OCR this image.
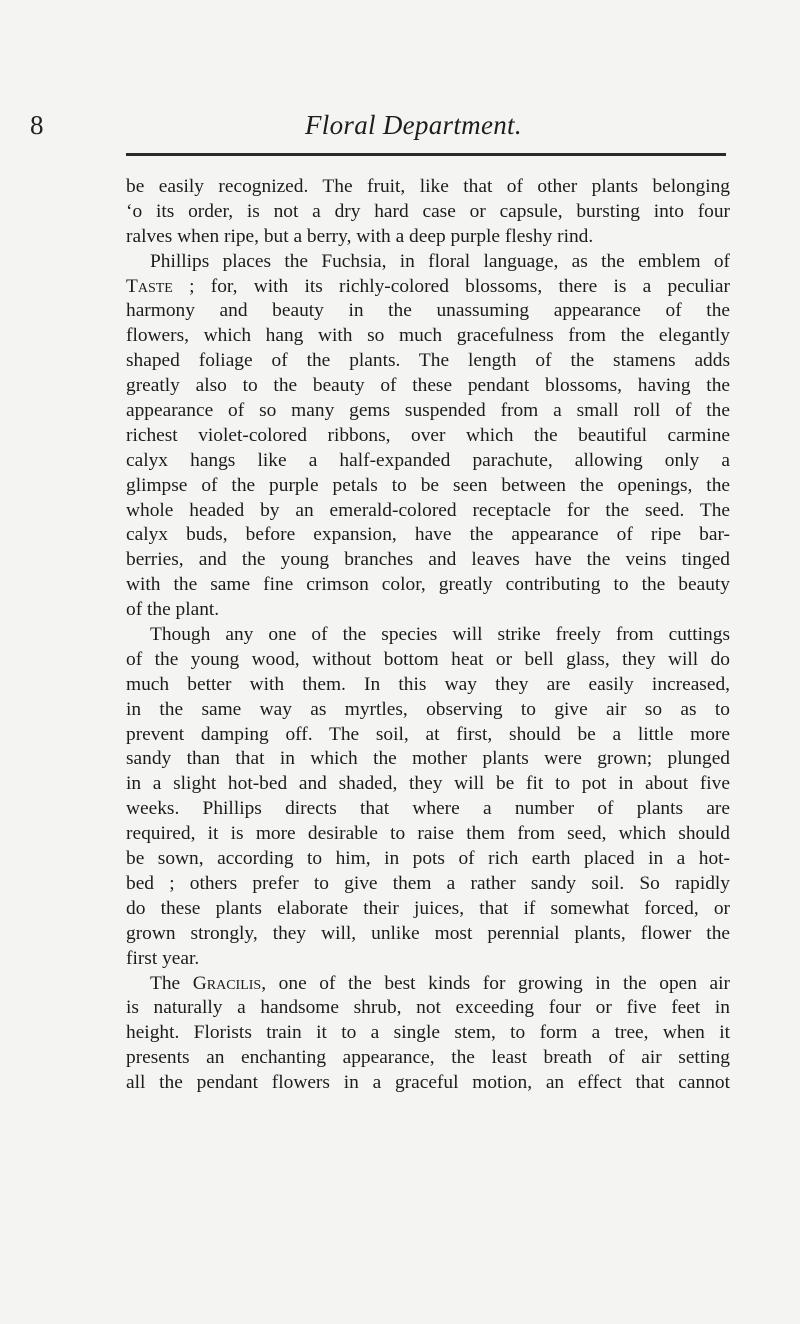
8	Floral Department.
be easily recognized. The fruit, like that of other plants belonging
‘o its order, is not a dry hard case or capsule, bursting into four
ralves when ripe, but a berry, with a deep purple fleshy rind.
Phillips places the Fuchsia, in floral language, as the emblem of
Taste ; for, with its richly-colored blossoms, there is a peculiar
harmony and beauty in the unassuming appearance of the
flowers, which hang with so much gracefulness from the elegantly
shaped foliage of the plants. The length of the stamens adds
greatly also to the beauty of these pendant blossoms, having the
appearance of so many gems suspended from a small roll of the
richest violet-colored ribbons, over which the beautiful carmine
calyx hangs like a half-expanded parachute, allowing only a
glimpse of the purple petals to be seen between the openings, the
whole headed by an emerald-colored receptacle for the seed. The
calyx buds, before expansion, have the appearance of ripe bar-
berries, and the young branches and leaves have the veins tinged
with the same fine crimson color, greatly contributing to the beauty
of the plant.
Though any one of the species will strike freely from cuttings
of the young wood, without bottom heat or bell glass, they will do
much better with them. In this way they are easily increased,
in the same way as myrtles, observing to give air so as to
prevent damping off. The soil, at first, should be a little more
sandy than that in which the mother plants were grown; plunged
in a slight hot-bed and shaded, they will be fit to pot in about five
weeks. Phillips directs that where a number of plants are
required, it is more desirable to raise them from seed, which should
be sown, according to him, in pots of rich earth placed in a hot-
bed ; others prefer to give them a rather sandy soil. So rapidly
do these plants elaborate their juices, that if somewhat forced, or
grown strongly, they will, unlike most perennial plants, flower the
first year.
The Gracilis, one of the best kinds for growing in the open air
is naturally a handsome shrub, not exceeding four or five feet in
height. Florists train it to a single stem, to form a tree, when it
presents an enchanting appearance, the least breath of air setting
all the pendant flowers in a graceful motion, an effect that cannot
